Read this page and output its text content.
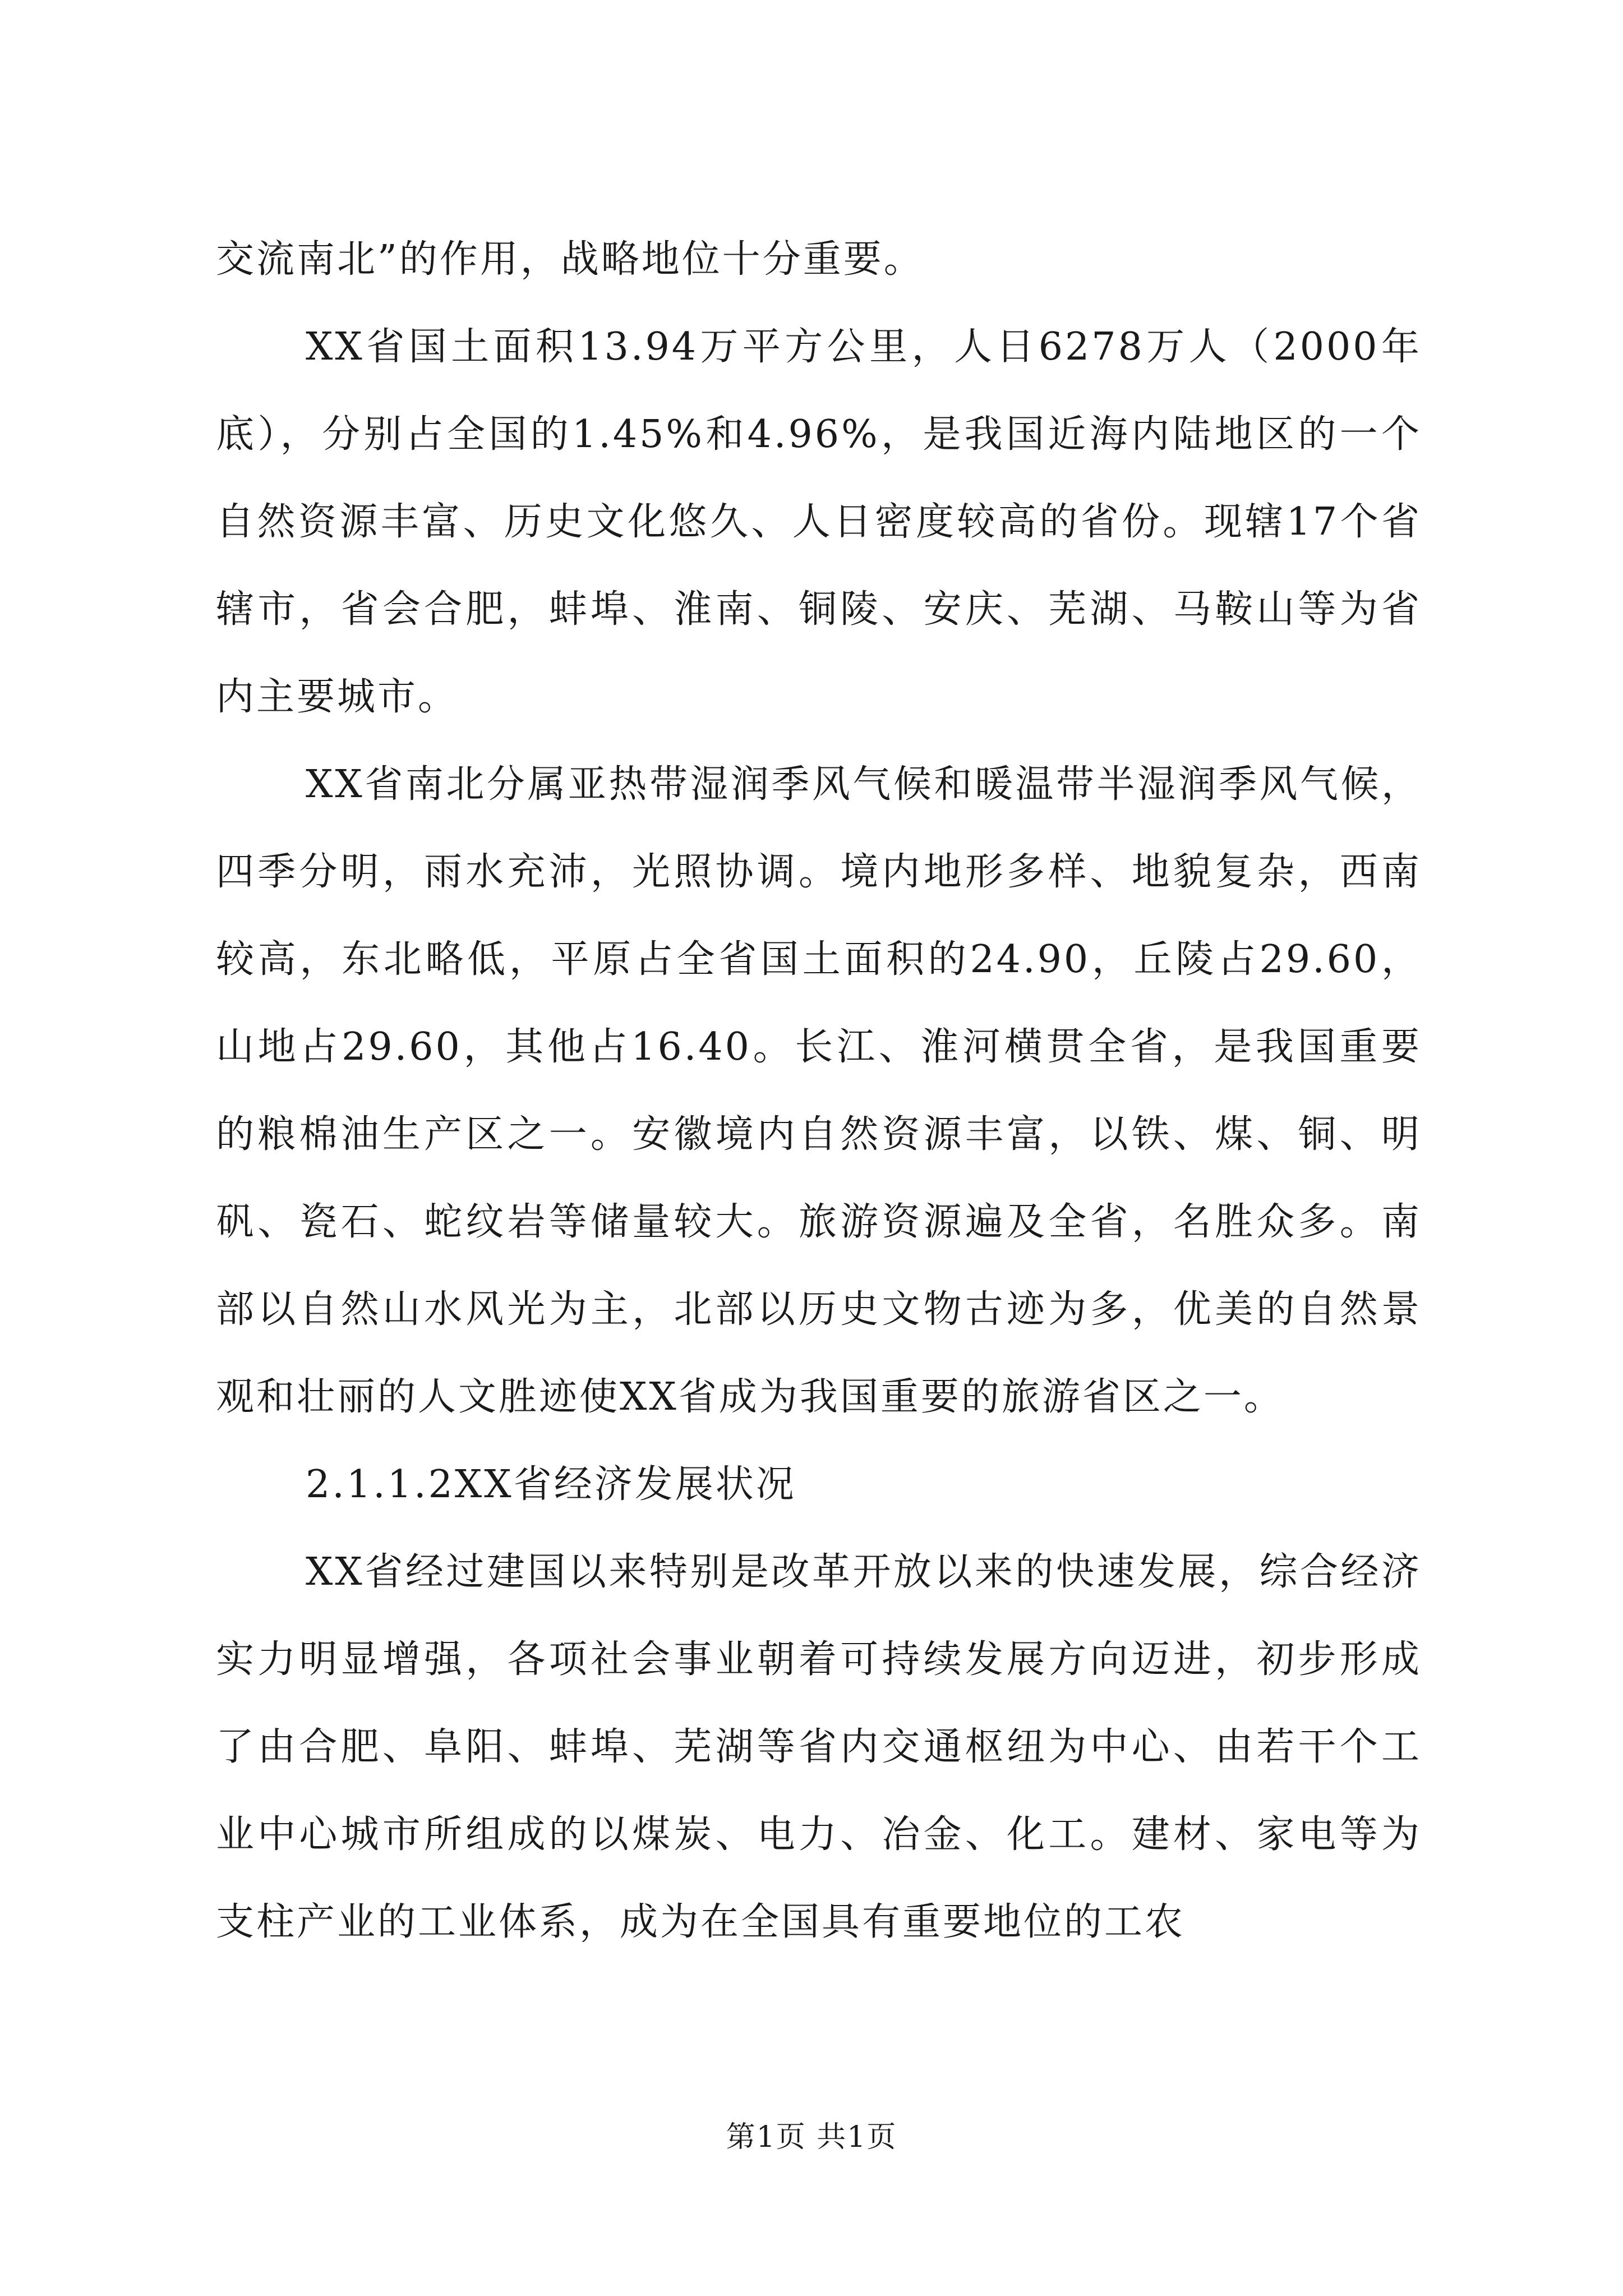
交流南北”的作用，战略地位十分重要。

XX省国土面积13.94万平方公里，人日6278万人（2000年底），分别占全国的1.45%和4.96%，是我国近海内陆地区的一个自然资源丰富、历史文化悠久、人日密度较高的省份。现辖17个省辖市，省会合肥，蚌埠、淮南、铜陵、安庆、芜湖、马鞍山等为省内主要城市。

XX省南北分属亚热带湿润季风气候和暖温带半湿润季风气候，四季分明，雨水充沛，光照协调。境内地形多样、地貌复杂，西南较高，东北略低，平原占全省国土面积的24.90，丘陵占29.60，山地占29.60，其他占16.40。长江、淮河横贯全省，是我国重要的粮棉油生产区之一。安徽境内自然资源丰富，以铁、煤、铜、明矾、瓷石、蛇纹岩等储量较大。旅游资源遍及全省，名胜众多。南部以自然山水风光为主，北部以历史文物古迹为多，优美的自然景观和壮丽的人文胜迹使XX省成为我国重要的旅游省区之一。

2.1.1.2XX省经济发展状况

XX省经过建国以来特别是改革开放以来的快速发展，综合经济实力明显增强，各项社会事业朝着可持续发展方向迈进，初步形成了由合肥、阜阳、蚌埠、芜湖等省内交通枢纽为中心、由若干个工业中心城市所组成的以煤炭、电力、冶金、化工。建材、家电等为支柱产业的工业体系，成为在全国具有重要地位的工农

第1页 共1页
